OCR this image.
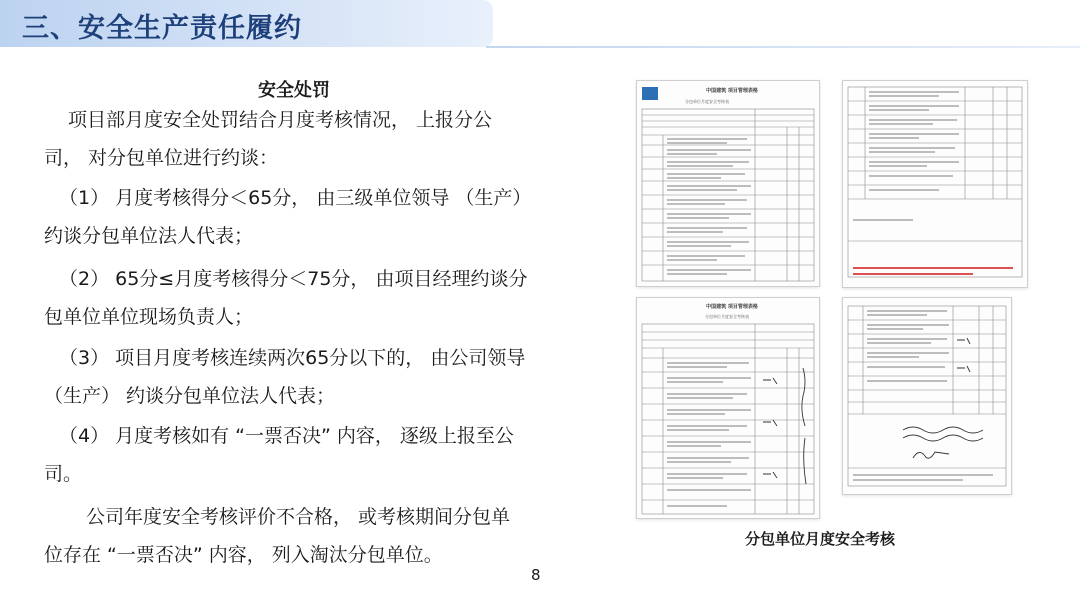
三、安全生产责任履约
安全处罚
项目部月度安全处罚结合月度考核情况， 上报分公
司， 对分包单位进行约谈：
（1） 月度考核得分＜65分， 由三级单位领导 （生产）
约谈分包单位法人代表；
（2） 65分≤月度考核得分＜75分， 由项目经理约谈分
包单位单位现场负责人；
（3） 项目月度考核连续两次65分以下的， 由公司领导
（生产） 约谈分包单位法人代表；
（4） 月度考核如有 “一票否决” 内容， 逐级上报至公
司。
公司年度安全考核评价不合格， 或考核期间分包单
位存在 “一票否决” 内容， 列入淘汰分包单位。
中国建筑 项目管理表格
分包单位月度安全考核表
中国建筑 项目管理表格
分包单位月度安全考核表
分包单位月度安全考核
8
